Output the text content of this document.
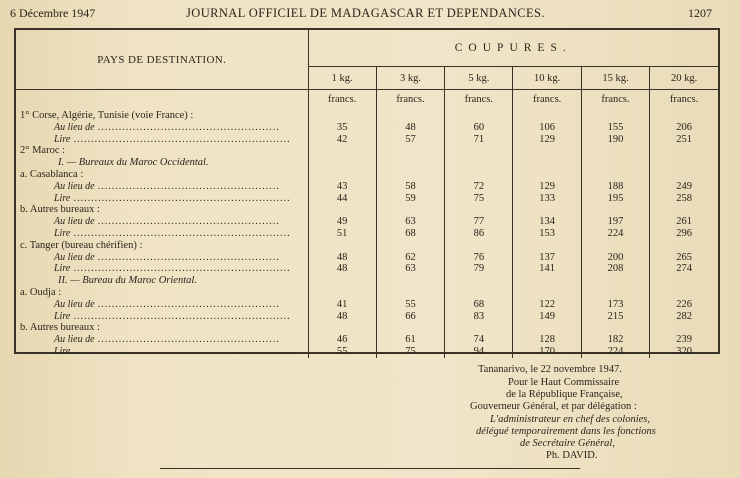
6 Décembre 1947	JOURNAL OFFICIEL DE MADAGASCAR ET DEPENDANCES.	1207
PAYS DE DESTINATION.	COUPURES.					
	1 kg.	3 kg.	5 kg.	10 kg.	15 kg.	20 kg.
	francs.	francs.	francs.	francs.	francs.	francs.
1° Corse, Algérie, Tunisie (voie France) :						
Au lieu de ....................................................	35	48	60	106	155	206
Lire ..............................................................	42	57	71	129	190	251
2° Maroc :						
I. — Bureaux du Maroc Occidental.						
a. Casablanca :						
Au lieu de ....................................................	43	58	72	129	188	249
Lire ..............................................................	44	59	75	133	195	258
b. Autres bureaux :						
Au lieu de ....................................................	49	63	77	134	197	261
Lire ..............................................................	51	68	86	153	224	296
c. Tanger (bureau chérifien) :						
Au lieu de ....................................................	48	62	76	137	200	265
Lire ..............................................................	48	63	79	141	208	274
II. — Bureau du Maroc Oriental.						
a. Oudja :						
Au lieu de ....................................................	41	55	68	122	173	226
Lire ..............................................................	48	66	83	149	215	282
b. Autres bureaux :						
Au lieu de ....................................................	46	61	74	128	182	239
Lire ..............................................................	55	75	94	170	224	320
Tananarivo, le 22 novembre 1947.
Pour le Haut Commissaire
de la République Française,
Gouverneur Général, et par délégation :
L'administrateur en chef des colonies,
délégué temporairement dans les fonctions
de Secrétaire Général,
Ph. DAVID.
